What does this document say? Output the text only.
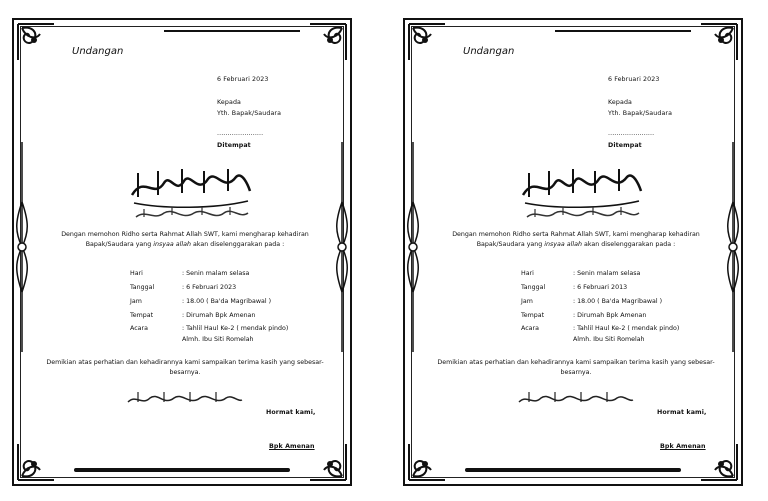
Undangan
6 Februari 2023
Kepada
Yth. Bapak/Saudara
......................
Ditempat
Dengan memohon Ridho serta Rahmat Allah SWT, kami mengharap kehadiran Bapak/Saudara yang insyaa allah akan diselenggarakan pada :
Hari	: Senin malam selasa
Tanggal	: 6 Februari 2023
Jam	: 18.00 ( Ba'da Magribawal )
Tempat	: Dirumah Bpk Amenan
Acara	: Tahlil Haul Ke-2 ( mendak pindo)
Almh. Ibu Siti Romelah
Demikian atas perhatian dan kehadirannya kami sampaikan terima kasih yang sebesar-besarnya.
Hormat kami,
Bpk Amenan
Undangan
6 Februari 2023
Kepada
Yth. Bapak/Saudara
......................
Ditempat
Dengan memohon Ridho serta Rahmat Allah SWT, kami mengharap kehadiran Bapak/Saudara yang insyaa allah akan diselenggarakan pada :
Hari	: Senin malam selasa
Tanggal	: 6 Februari 2013
Jam	: 18.00 ( Ba'da Magribawal )
Tempat	: Dirumah Bpk Amenan
Acara	: Tahlil Haul Ke-2 ( mendak pindo)
Almh. Ibu Siti Romelah
Demikian atas perhatian dan kehadirannya kami sampaikan terima kasih yang sebesar-besarnya.
Hormat kami,
Bpk Amenan
